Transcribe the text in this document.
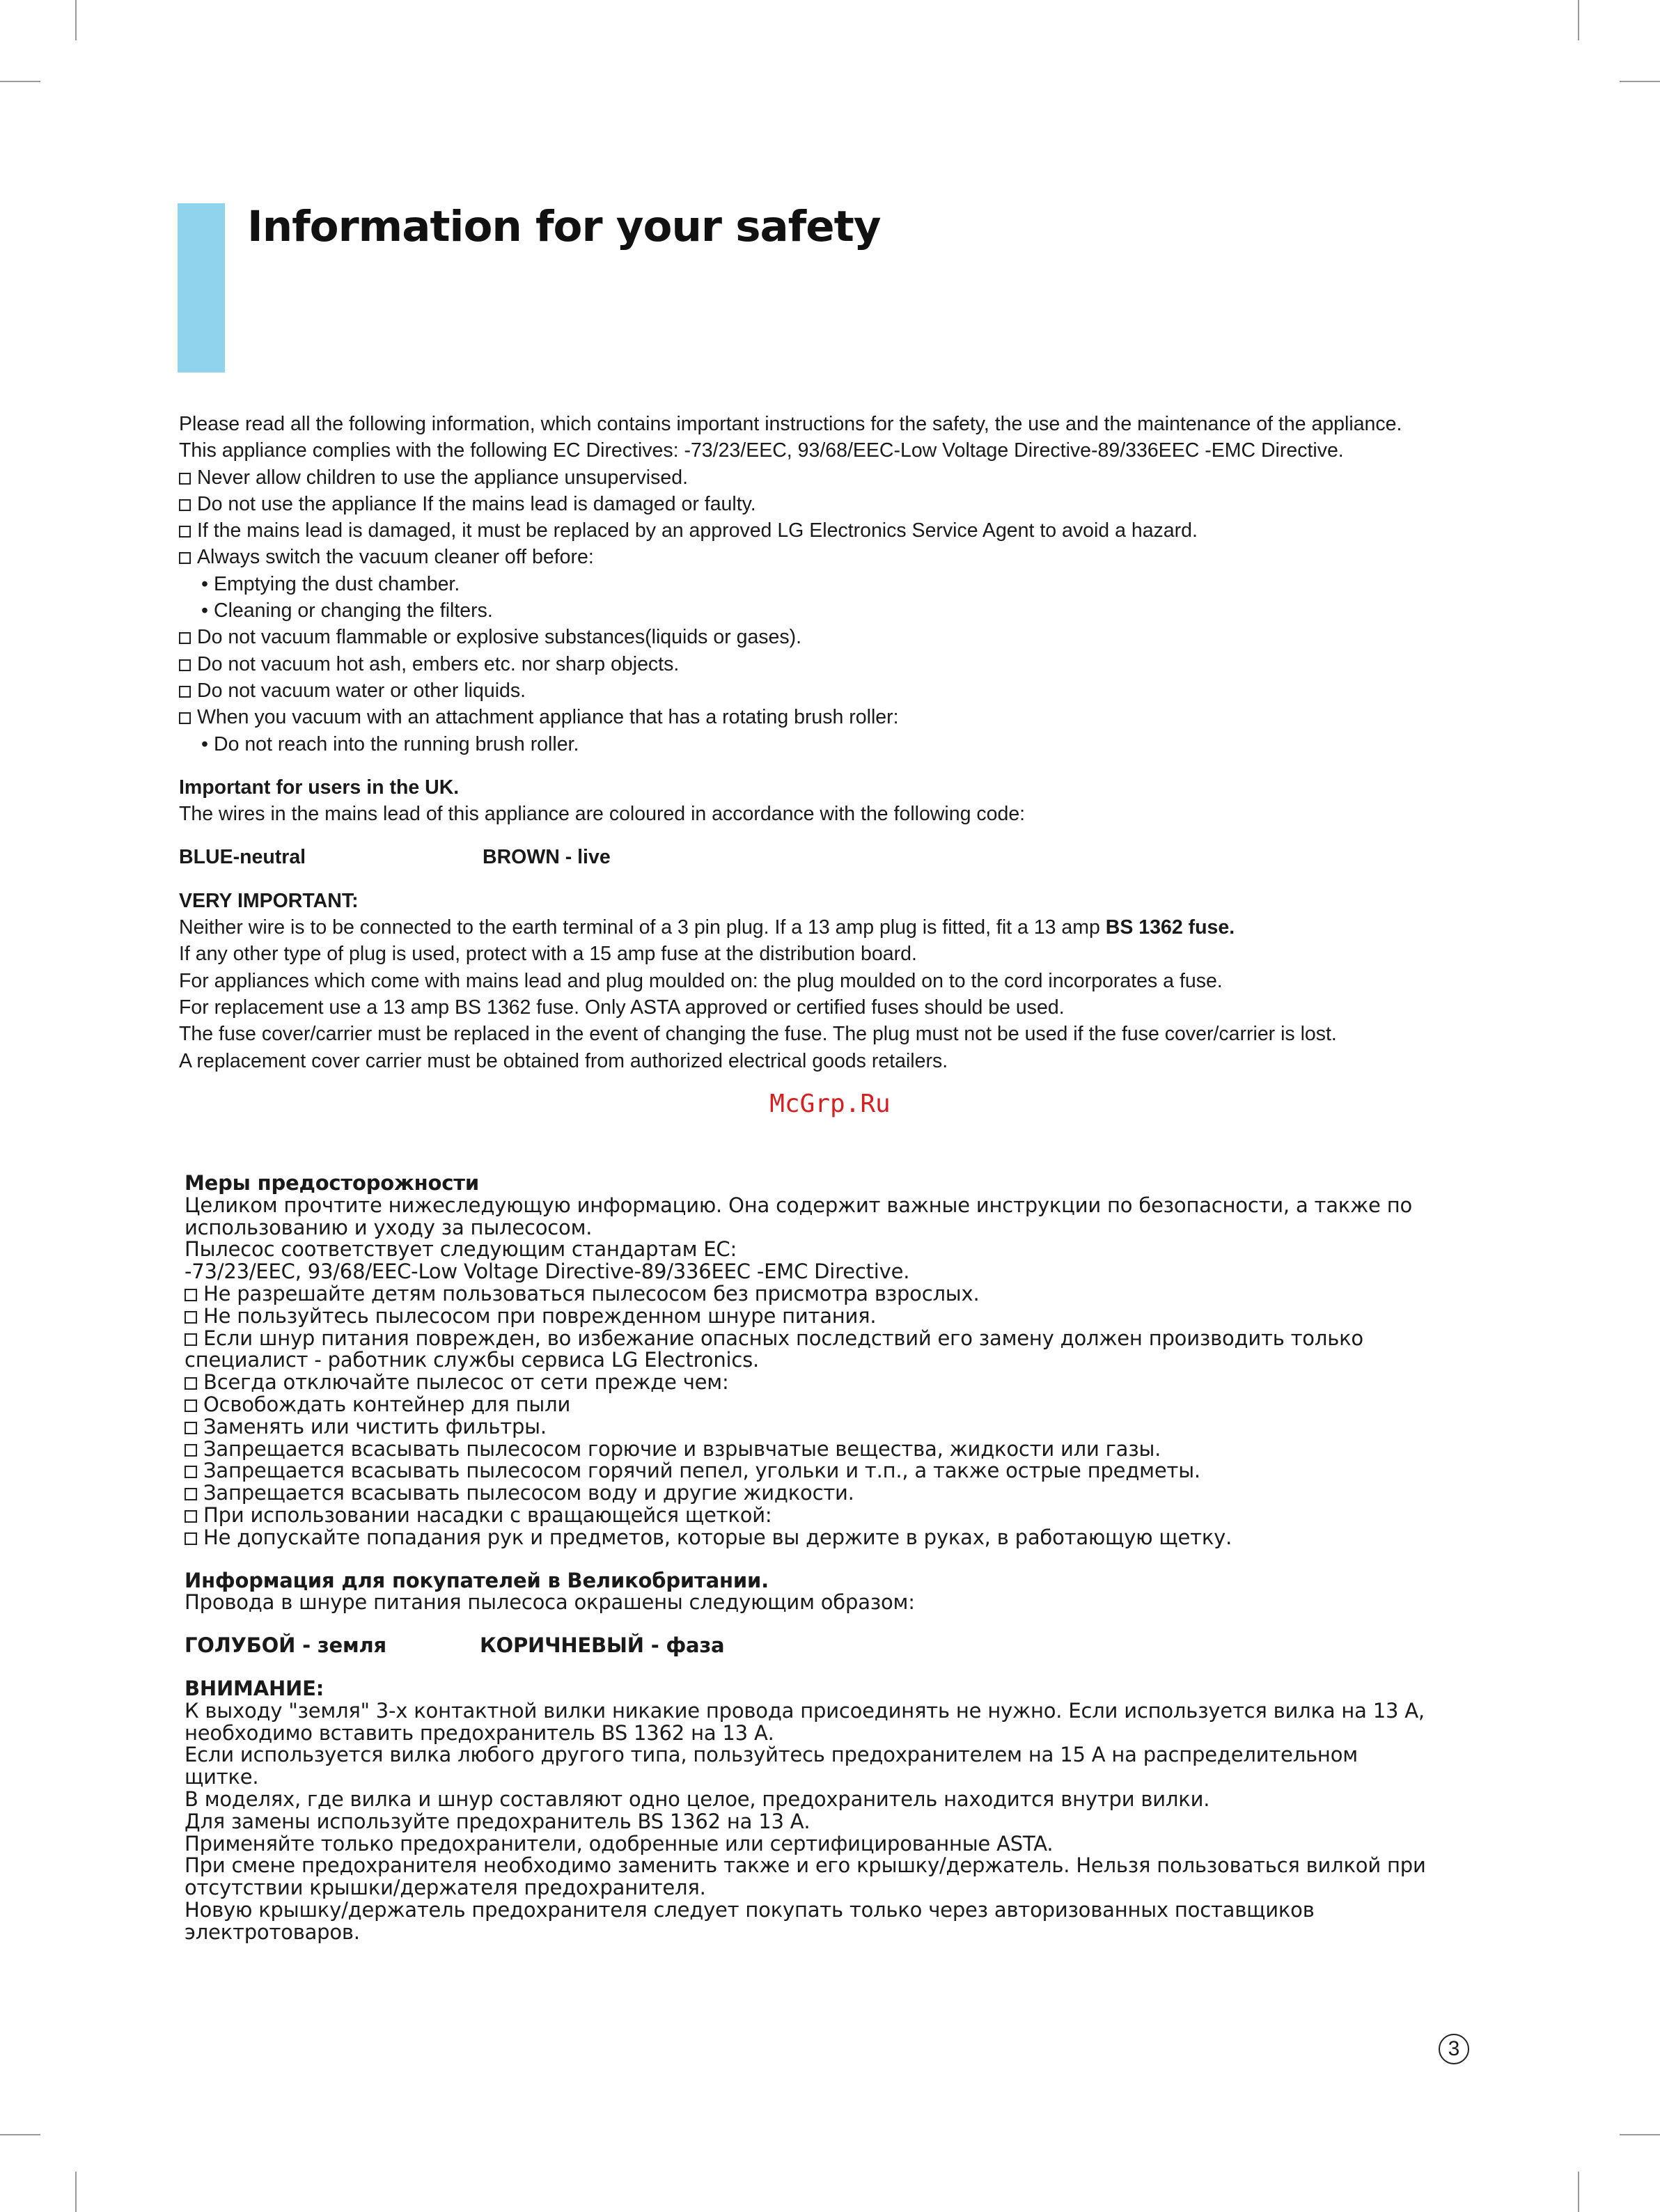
Information for your safety

Please read all the following information, which contains important instructions for the safety, the use and the maintenance of the appliance.

This appliance complies with the following EC Directives: -73/23/EEC, 93/68/EEC-Low Voltage Directive-89/336EEC -EMC Directive.

Never allow children to use the appliance unsupervised.

Do not use the appliance If the mains lead is damaged or faulty.

If the mains lead is damaged, it must be replaced by an approved LG Electronics Service Agent to avoid a hazard.

Always switch the vacuum cleaner off before:

• Emptying the dust chamber.

• Cleaning or changing the filters.

Do not vacuum flammable or explosive substances(liquids or gases).

Do not vacuum hot ash, embers etc. nor sharp objects.

Do not vacuum water or other liquids.

When you vacuum with an attachment appliance that has a rotating brush roller:

• Do not reach into the running brush roller.

Important for users in the UK.

The wires in the mains lead of this appliance are coloured in accordance with the following code:

BLUE-neutral	BROWN - live

VERY IMPORTANT:

Neither wire is to be connected to the earth terminal of a 3 pin plug. If a 13 amp plug is fitted, fit a 13 amp BS 1362 fuse.

If any other type of plug is used, protect with a 15 amp fuse at the distribution board.

For appliances which come with mains lead and plug moulded on: the plug moulded on to the cord incorporates a fuse.

For replacement use a 13 amp BS 1362 fuse. Only ASTA approved or certified fuses should be used.

The fuse cover/carrier must be replaced in the event of changing the fuse. The plug must not be used if the fuse cover/carrier is lost.

A replacement cover carrier must be obtained from authorized electrical goods retailers.

McGrp.Ru

Меры предосторожности

Целиком прочтите нижеследующую информацию. Она содержит важные инструкции по безопасности, а также по использованию и уходу за пылесосом.

Пылесос соответствует следующим стандартам EC:

-73/23/EEC, 93/68/EEC-Low Voltage Directive-89/336EEC -EMC Directive.

Не разрешайте детям пользоваться пылесосом без присмотра взрослых.

Не пользуйтесь пылесосом при поврежденном шнуре питания.

Если шнур питания поврежден, во избежание опасных последствий его замену должен производить только специалист - работник службы сервиса LG Electronics.

Всегда отключайте пылесос от сети прежде чем:

Освобождать контейнер для пыли

Заменять или чистить фильтры.

Запрещается всасывать пылесосом горючие и взрывчатые вещества, жидкости или газы.

Запрещается всасывать пылесосом горячий пепел, угольки и т.п., а также острые предметы.

Запрещается всасывать пылесосом воду и другие жидкости.

При использовании насадки с вращающейся щеткой:

Не допускайте попадания рук и предметов, которые вы держите в руках, в работающую щетку.

Информация для покупателей в Великобритании.

Провода в шнуре питания пылесоса окрашены следующим образом:

ГОЛУБОЙ - земля	КОРИЧНЕВЫЙ - фаза

ВНИМАНИЕ:

К выходу "земля" 3-х контактной вилки никакие провода присоединять не нужно. Если используется вилка на 13 А, необходимо вставить предохранитель BS 1362 на 13 А.

Если используется вилка любого другого типа, пользуйтесь предохранителем на 15 А на распределительном щитке.

В моделях, где вилка и шнур составляют одно целое, предохранитель находится внутри вилки.

Для замены используйте предохранитель BS 1362 на 13 А.

Применяйте только предохранители, одобренные или сертифицированные ASTA.

При смене предохранителя необходимо заменить также и его крышку/держатель. Нельзя пользоваться вилкой при отсутствии крышки/держателя предохранителя.

Новую крышку/держатель предохранителя следует покупать только через авторизованных поставщиков электротоваров.

3
